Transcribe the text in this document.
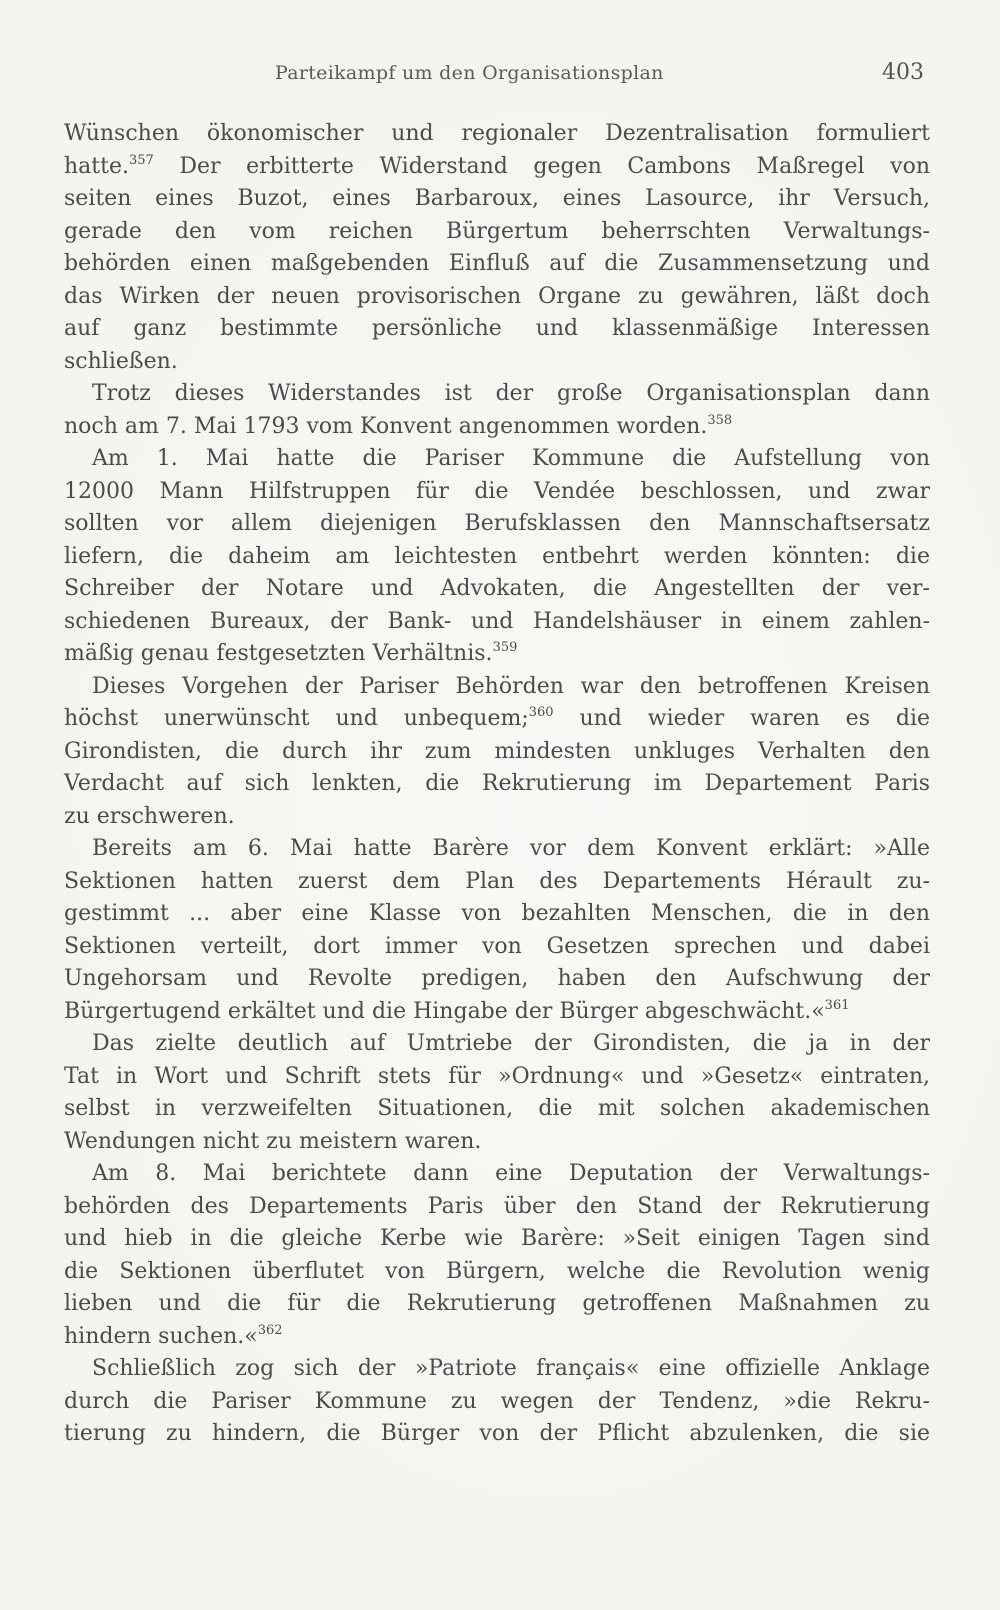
Parteikampf um den Organisationsplan	403
Wünschen ökonomischer und regionaler Dezentralisation formuliert
hatte.$^{357}$ Der erbitterte Widerstand gegen Cambons Maßregel von
seiten eines Buzot, eines Barbaroux, eines Lasource, ihr Versuch,
gerade den vom reichen Bürgertum beherrschten Verwaltungs-
behörden einen maßgebenden Einfluß auf die Zusammensetzung und
das Wirken der neuen provisorischen Organe zu gewähren, läßt doch
auf ganz bestimmte persönliche und klassenmäßige Interessen
schließen.
Trotz dieses Widerstandes ist der große Organisationsplan dann
noch am 7. Mai 1793 vom Konvent angenommen worden.$^{358}$
Am 1. Mai hatte die Pariser Kommune die Aufstellung von
12000 Mann Hilfstruppen für die Vendée beschlossen, und zwar
sollten vor allem diejenigen Berufsklassen den Mannschaftsersatz
liefern, die daheim am leichtesten entbehrt werden könnten: die
Schreiber der Notare und Advokaten, die Angestellten der ver-
schiedenen Bureaux, der Bank- und Handelshäuser in einem zahlen-
mäßig genau festgesetzten Verhältnis.$^{359}$
Dieses Vorgehen der Pariser Behörden war den betroffenen Kreisen
höchst unerwünscht und unbequem;$^{360}$ und wieder waren es die
Girondisten, die durch ihr zum mindesten unkluges Verhalten den
Verdacht auf sich lenkten, die Rekrutierung im Departement Paris
zu erschweren.
Bereits am 6. Mai hatte Barère vor dem Konvent erklärt: »Alle
Sektionen hatten zuerst dem Plan des Departements Hérault zu-
gestimmt ... aber eine Klasse von bezahlten Menschen, die in den
Sektionen verteilt, dort immer von Gesetzen sprechen und dabei
Ungehorsam und Revolte predigen, haben den Aufschwung der
Bürgertugend erkältet und die Hingabe der Bürger abgeschwächt.«$^{361}$
Das zielte deutlich auf Umtriebe der Girondisten, die ja in der
Tat in Wort und Schrift stets für »Ordnung« und »Gesetz« eintraten,
selbst in verzweifelten Situationen, die mit solchen akademischen
Wendungen nicht zu meistern waren.
Am 8. Mai berichtete dann eine Deputation der Verwaltungs-
behörden des Departements Paris über den Stand der Rekrutierung
und hieb in die gleiche Kerbe wie Barère: »Seit einigen Tagen sind
die Sektionen überflutet von Bürgern, welche die Revolution wenig
lieben und die für die Rekrutierung getroffenen Maßnahmen zu
hindern suchen.«$^{362}$
Schließlich zog sich der »Patriote français« eine offizielle Anklage
durch die Pariser Kommune zu wegen der Tendenz, »die Rekru-
tierung zu hindern, die Bürger von der Pflicht abzulenken, die sie
